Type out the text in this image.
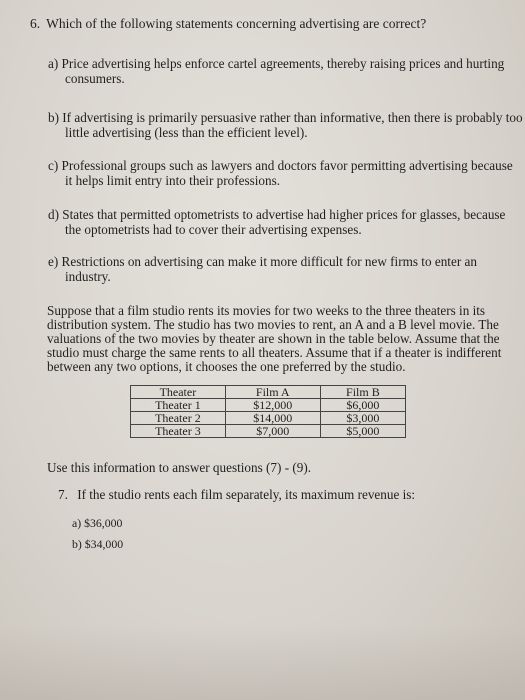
6. Which of the following statements concerning advertising are correct?
a) Price advertising helps enforce cartel agreements, thereby raising prices and hurting
consumers.
b) If advertising is primarily persuasive rather than informative, then there is probably too
little advertising (less than the efficient level).
c) Professional groups such as lawyers and doctors favor permitting advertising because
it helps limit entry into their professions.
d) States that permitted optometrists to advertise had higher prices for glasses, because
the optometrists had to cover their advertising expenses.
e) Restrictions on advertising can make it more difficult for new firms to enter an
industry.
Suppose that a film studio rents its movies for two weeks to the three theaters in its
distribution system. The studio has two movies to rent, an A and a B level movie. The
valuations of the two movies by theater are shown in the table below. Assume that the
studio must charge the same rents to all theaters. Assume that if a theater is indifferent
between any two options, it chooses the one preferred by the studio.
Theater	Film A	Film B
Theater 1	$12,000	$6,000
Theater 2	$14,000	$3,000
Theater 3	$7,000	$5,000
Use this information to answer questions (7) - (9).
7. If the studio rents each film separately, its maximum revenue is:
a) $36,000
b) $34,000
